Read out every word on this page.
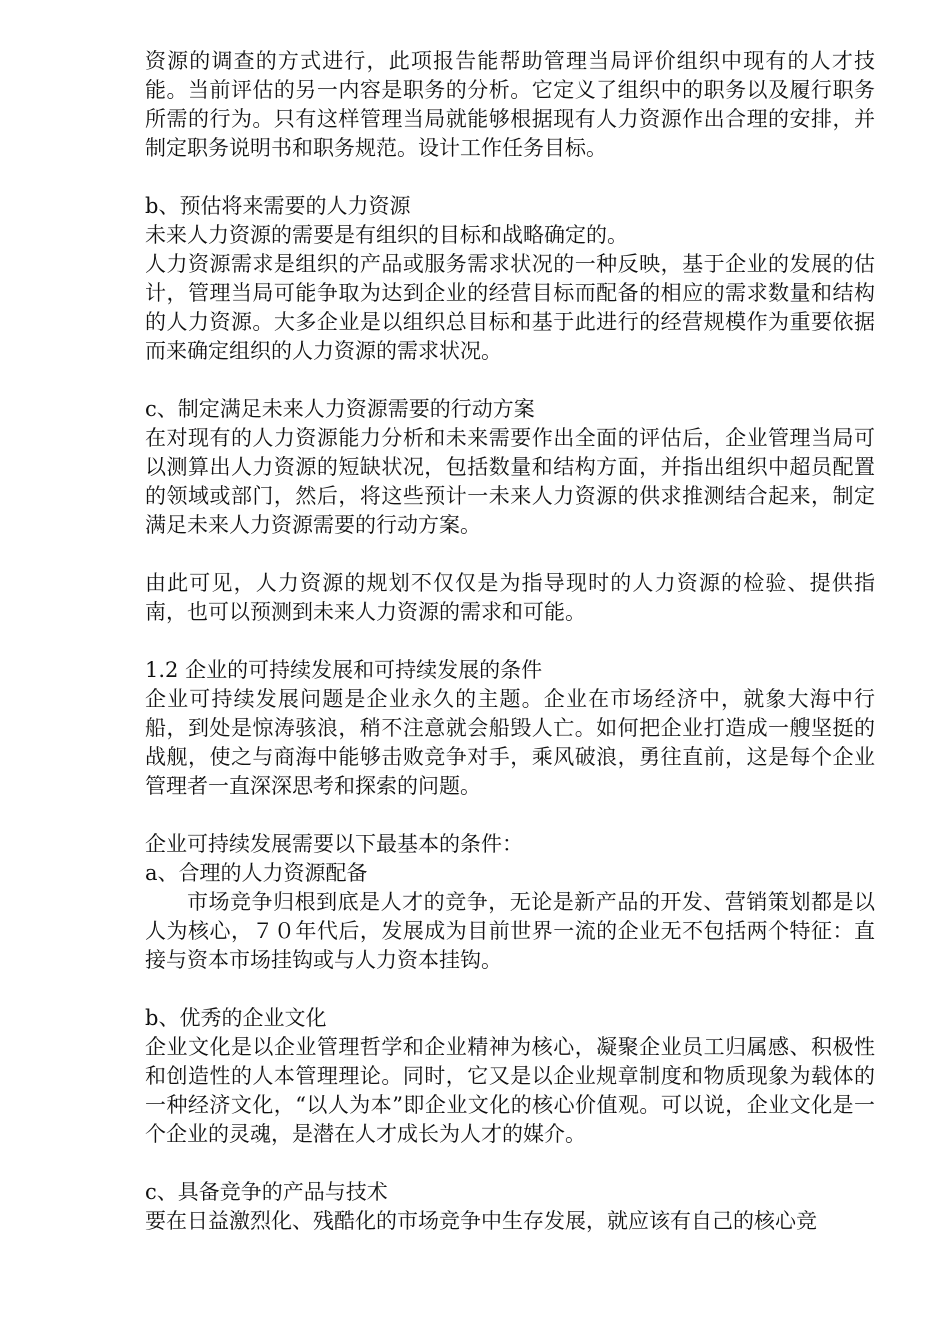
资源的调查的方式进行，此项报告能帮助管理当局评价组织中现有的人才技能。当前评估的另一内容是职务的分析。它定义了组织中的职务以及履行职务所需的行为。只有这样管理当局就能够根据现有人力资源作出合理的安排，并制定职务说明书和职务规范。设计工作任务目标。

b、预估将来需要的人力资源

未来人力资源的需要是有组织的目标和战略确定的。

人力资源需求是组织的产品或服务需求状况的一种反映，基于企业的发展的估计，管理当局可能争取为达到企业的经营目标而配备的相应的需求数量和结构的人力资源。大多企业是以组织总目标和基于此进行的经营规模作为重要依据而来确定组织的人力资源的需求状况。

c、制定满足未来人力资源需要的行动方案

在对现有的人力资源能力分析和未来需要作出全面的评估后，企业管理当局可以测算出人力资源的短缺状况，包括数量和结构方面，并指出组织中超员配置的领域或部门，然后，将这些预计一未来人力资源的供求推测结合起来，制定满足未来人力资源需要的行动方案。

由此可见，人力资源的规划不仅仅是为指导现时的人力资源的检验、提供指南，也可以预测到未来人力资源的需求和可能。

1.2 企业的可持续发展和可持续发展的条件

企业可持续发展问题是企业永久的主题。企业在市场经济中，就象大海中行船，到处是惊涛骇浪，稍不注意就会船毁人亡。如何把企业打造成一艘坚挺的战舰，使之与商海中能够击败竞争对手，乘风破浪，勇往直前，这是每个企业管理者一直深深思考和探索的问题。

企业可持续发展需要以下最基本的条件：

a、合理的人力资源配备

市场竞争归根到底是人才的竞争，无论是新产品的开发、营销策划都是以人为核心，７０年代后，发展成为目前世界一流的企业无不包括两个特征：直接与资本市场挂钩或与人力资本挂钩。

b、优秀的企业文化

企业文化是以企业管理哲学和企业精神为核心，凝聚企业员工归属感、积极性和创造性的人本管理理论。同时，它又是以企业规章制度和物质现象为载体的一种经济文化，“以人为本”即企业文化的核心价值观。可以说，企业文化是一个企业的灵魂，是潜在人才成长为人才的媒介。

c、具备竞争的产品与技术

要在日益激烈化、残酷化的市场竞争中生存发展，就应该有自己的核心竞
